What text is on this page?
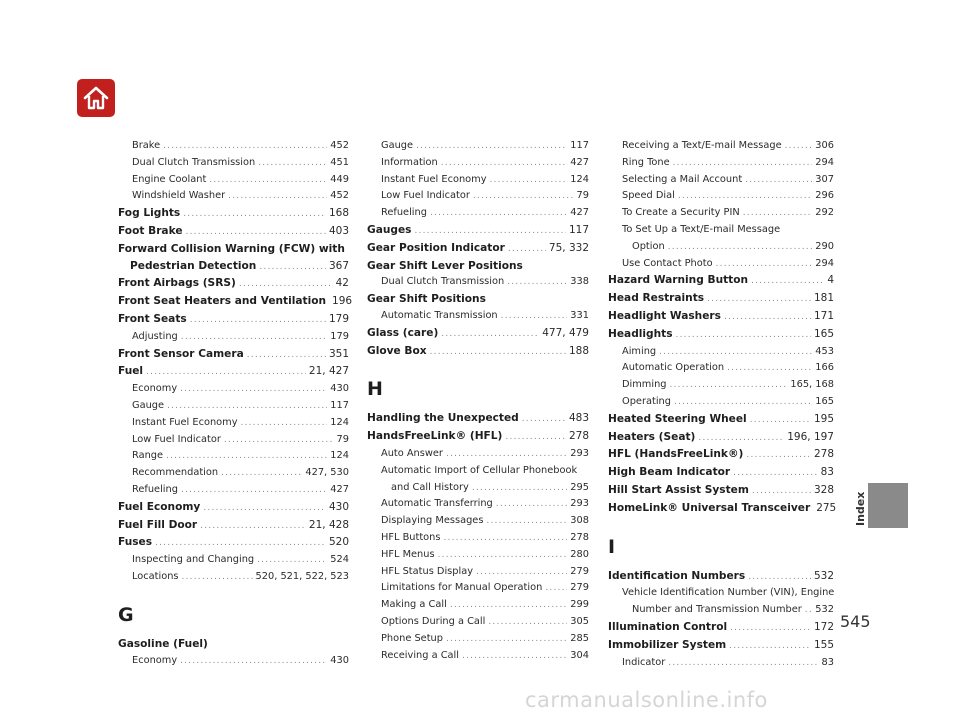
Brake .....	452
Dual Clutch Transmission .....	451
Engine Coolant .....	449
Windshield Washer .....	452
Fog Lights .....	168
Foot Brake .....	403
Forward Collision Warning (FCW) with
Pedestrian Detection .....	367
Front Airbags (SRS) .....	42
Front Seat Heaters and Ventilation 196
Front Seats .....	179
Adjusting .....	179
Front Sensor Camera .....	351
Fuel .....	21, 427
Economy .....	430
Gauge .....	117
Instant Fuel Economy .....	124
Low Fuel Indicator .....	79
Range .....	124
Recommendation .....	427, 530
Refueling .....	427
Fuel Economy .....	430
Fuel Fill Door .....	21, 428
Fuses .....	520
Inspecting and Changing .....	524
Locations .....	520, 521, 522, 523
G
Gasoline (Fuel)
Economy .....	430
Gauge .....	117
Information .....	427
Instant Fuel Economy .....	124
Low Fuel Indicator .....	79
Refueling .....	427
Gauges .....	117
Gear Position Indicator .....	75, 332
Gear Shift Lever Positions
Dual Clutch Transmission .....	338
Gear Shift Positions
Automatic Transmission .....	331
Glass (care) .....	477, 479
Glove Box .....	188
H
Handling the Unexpected .....	483
HandsFreeLink® (HFL) .....	278
Auto Answer .....	293
Automatic Import of Cellular Phonebook
and Call History .....	295
Automatic Transferring .....	293
Displaying Messages .....	308
HFL Buttons .....	278
HFL Menus .....	280
HFL Status Display .....	279
Limitations for Manual Operation .....	279
Making a Call .....	299
Options During a Call .....	305
Phone Setup .....	285
Receiving a Call .....	304
Receiving a Text/E-mail Message .....	306
Ring Tone .....	294
Selecting a Mail Account .....	307
Speed Dial .....	296
To Create a Security PIN .....	292
To Set Up a Text/E-mail Message
Option .....	290
Use Contact Photo .....	294
Hazard Warning Button .....	4
Head Restraints .....	181
Headlight Washers .....	171
Headlights .....	165
Aiming .....	453
Automatic Operation .....	166
Dimming .....	165, 168
Operating .....	165
Heated Steering Wheel .....	195
Heaters (Seat) .....	196, 197
HFL (HandsFreeLink®) .....	278
High Beam Indicator .....	83
Hill Start Assist System .....	328
HomeLink® Universal Transceiver 275
I
Identification Numbers .....	532
Vehicle Identification Number (VIN), Engine
Number and Transmission Number ..... 532
Illumination Control .....	172
Immobilizer System .....	155
Indicator .....	83
Index
545
carmanualsonline.info
